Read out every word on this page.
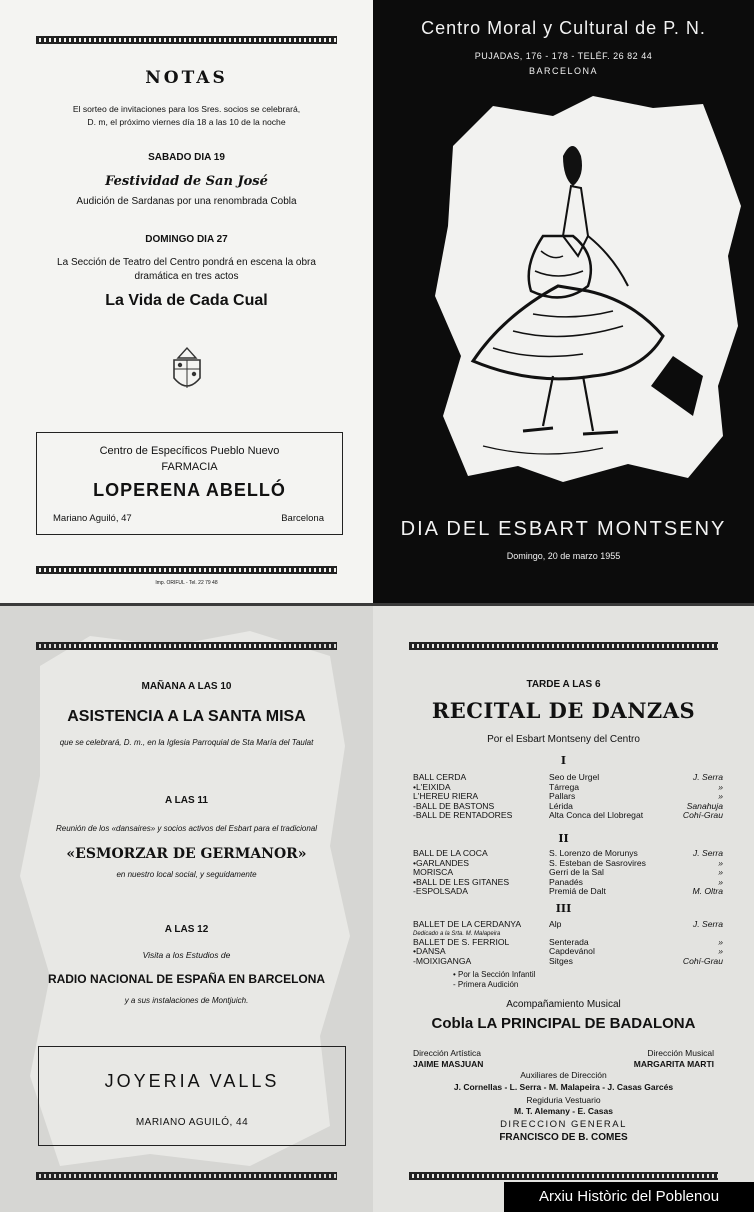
NOTAS
El sorteo de invitaciones para los Sres. socios se celebrará,
D. m, el próximo viernes día 18 a las 10 de la noche
SABADO DIA 19
Festividad de San José
Audición de Sardanas por una renombrada Cobla
DOMINGO DIA 27
La Sección de Teatro del Centro pondrá en escena la obra
dramática en tres actos
La Vida de Cada Cual
Centro de Específicos Pueblo Nuevo
FARMACIA
LOPERENA ABELLÓ
Mariano Aguiló, 47	Barcelona
Imp. ORIFUL - Tel. 22 79 48
Centro Moral y Cultural de P. N.
PUJADAS, 176 - 178 - TELÉF. 26 82 44
BARCELONA
DIA DEL ESBART MONTSENY
Domingo, 20 de marzo 1955
MAÑANA A LAS 10
ASISTENCIA A LA SANTA MISA
que se celebrará, D. m., en la Iglesia Parroquial de Sta María del Taulat
A LAS 11
Reunión de los «dansaires» y socios activos del Esbart para el tradicional
«ESMORZAR DE GERMANOR»
en nuestro local social, y seguidamente
A LAS 12
Visita a los Estudios de
RADIO NACIONAL DE ESPAÑA EN BARCELONA
y a sus instalaciones de Montjuich.
JOYERIA VALLS
MARIANO AGUILÓ, 44
TARDE A LAS 6
RECITAL DE DANZAS
Por el Esbart Montseny del Centro
I
BALL CERDA	Seo de Urgel	J. Serra
•L'EIXIDA	Tárrega	»
L'HEREU RIERA	Pallars	»
-BALL DE BASTONS	Lérida	Sanahuja
-BALL DE RENTADORES	Alta Conca del Llobregat	Cohí-Grau
II
BALL DE LA COCA	S. Lorenzo de Morunys	J. Serra
•GARLANDES	S. Esteban de Sasrovires	»
MORISCA	Gerri de la Sal	»
•BALL DE LES GITANES	Panadés	»
-ESPOLSADA	Premiá de Dalt	M. Oltra
III
BALLET DE LA CERDANYA	Alp	J. Serra
Dedicado a la Srta. M. Malapeira
BALLET DE S. FERRIOL	Senterada	»
•DANSA	Capdevánol	»
-MOIXIGANGA	Sitges	Cohí-Grau
• Por la Sección Infantil
- Primera Audición
Acompañamiento Musical
Cobla LA PRINCIPAL DE BADALONA
Dirección Artística
JAIME MASJUAN
Dirección Musical
MARGARITA MARTI
Auxiliares de Dirección
J. Cornellas - L. Serra - M. Malapeira - J. Casas Garcés
Regiduria Vestuario
M. T. Alemany - E. Casas
DIRECCION GENERAL
FRANCISCO DE B. COMES
Arxiu Històric del Poblenou
